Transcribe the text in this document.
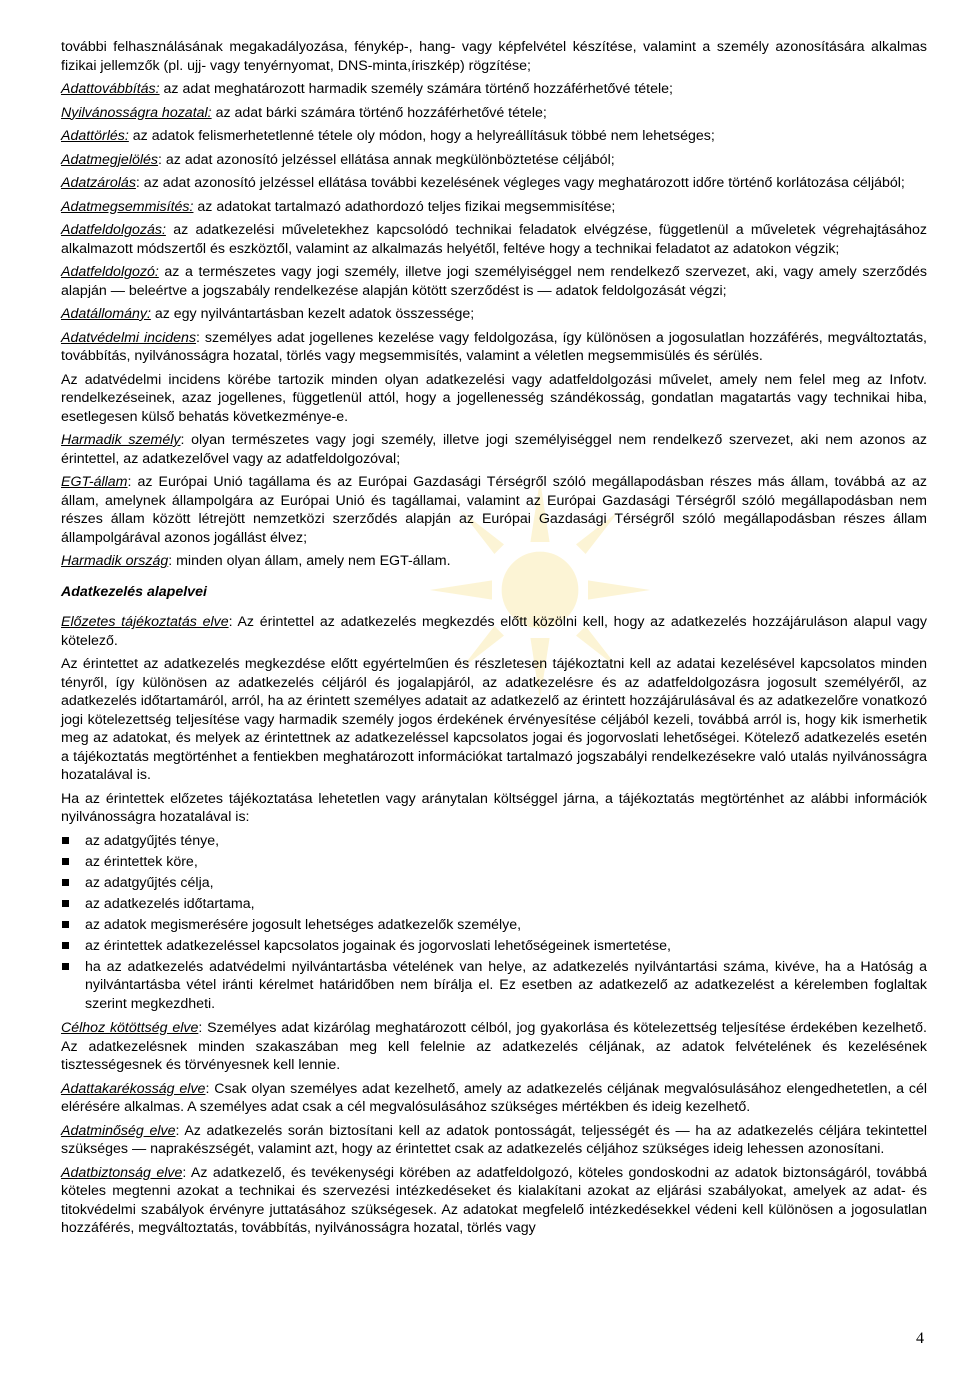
további felhasználásának megakadályozása, fénykép-, hang- vagy képfelvétel készítése, valamint a személy azonosítására alkalmas fizikai jellemzők (pl. ujj- vagy tenyérnyomat, DNS-minta,íriszkép) rögzítése;

Adattovábbítás: az adat meghatározott harmadik személy számára történő hozzáférhetővé tétele;

Nyilvánosságra hozatal: az adat bárki számára történő hozzáférhetővé tétele;

Adattörlés: az adatok felismerhetetlenné tétele oly módon, hogy a helyreállításuk többé nem lehetséges;

Adatmegjelölés: az adat azonosító jelzéssel ellátása annak megkülönböztetése céljából;

Adatzárolás: az adat azonosító jelzéssel ellátása további kezelésének végleges vagy meghatározott időre történő korlátozása céljából;

Adatmegsemmisítés: az adatokat tartalmazó adathordozó teljes fizikai megsemmisítése;

Adatfeldolgozás: az adatkezelési műveletekhez kapcsolódó technikai feladatok elvégzése, függetlenül a műveletek végrehajtásához alkalmazott módszertől és eszköztől, valamint az alkalmazás helyétől, feltéve hogy a technikai feladatot az adatokon végzik;

Adatfeldolgozó: az a természetes vagy jogi személy, illetve jogi személyiséggel nem rendelkező szervezet, aki, vagy amely szerződés alapján — beleértve a jogszabály rendelkezése alapján kötött szerződést is — adatok feldolgozását végzi;

Adatállomány: az egy nyilvántartásban kezelt adatok összessége;

Adatvédelmi incidens: személyes adat jogellenes kezelése vagy feldolgozása, így különösen a jogosulatlan hozzáférés, megváltoztatás, továbbítás, nyilvánosságra hozatal, törlés vagy megsemmisítés, valamint a véletlen megsemmisülés és sérülés.

Az adatvédelmi incidens körébe tartozik minden olyan adatkezelési vagy adatfeldolgozási művelet, amely nem felel meg az Infotv. rendelkezéseinek, azaz jogellenes, függetlenül attól, hogy a jogellenesség szándékosság, gondatlan magatartás vagy technikai hiba, esetlegesen külső behatás következménye-e.

Harmadik személy: olyan természetes vagy jogi személy, illetve jogi személyiséggel nem rendelkező szervezet, aki nem azonos az érintettel, az adatkezelővel vagy az adatfeldolgozóval;

EGT-állam: az Európai Unió tagállama és az Európai Gazdasági Térségről szóló megállapodásban részes más állam, továbbá az az állam, amelynek állampolgára az Európai Unió és tagállamai, valamint az Európai Gazdasági Térségről szóló megállapodásban nem részes állam között létrejött nemzetközi szerződés alapján az Európai Gazdasági Térségről szóló megállapodásban részes állam állampolgárával azonos jogállást élvez;

Harmadik ország: minden olyan állam, amely nem EGT-állam.

Adatkezelés alapelvei

Előzetes tájékoztatás elve: Az érintettel az adatkezelés megkezdés előtt közölni kell, hogy az adatkezelés hozzájáruláson alapul vagy kötelező.

Az érintettet az adatkezelés megkezdése előtt egyértelműen és részletesen tájékoztatni kell az adatai kezelésével kapcsolatos minden tényről, így különösen az adatkezelés céljáról és jogalapjáról, az adatkezelésre és az adatfeldolgozásra jogosult személyéről, az adatkezelés időtartamáról, arról, ha az érintett személyes adatait az adatkezelő az érintett hozzájárulásával és az adatkezelőre vonatkozó jogi kötelezettség teljesítése vagy harmadik személy jogos érdekének érvényesítése céljából kezeli, továbbá arról is, hogy kik ismerhetik meg az adatokat, és melyek az érintettnek az adatkezeléssel kapcsolatos jogai és jogorvoslati lehetőségei. Kötelező adatkezelés esetén a tájékoztatás megtörténhet a fentiekben meghatározott információkat tartalmazó jogszabályi rendelkezésekre való utalás nyilvánosságra hozatalával is.

Ha az érintettek előzetes tájékoztatása lehetetlen vagy aránytalan költséggel járna, a tájékoztatás megtörténhet az alábbi információk nyilvánosságra hozatalával is:

az adatgyűjtés ténye,
az érintettek köre,
az adatgyűjtés célja,
az adatkezelés időtartama,
az adatok megismerésére jogosult lehetséges adatkezelők személye,
az érintettek adatkezeléssel kapcsolatos jogainak és jogorvoslati lehetőségeinek ismertetése,
ha az adatkezelés adatvédelmi nyilvántartásba vételének van helye, az adatkezelés nyilvántartási száma, kivéve, ha a Hatóság a nyilvántartásba vétel iránti kérelmet határidőben nem bírálja el. Ez esetben az adatkezelő az adatkezelést a kérelemben foglaltak szerint megkezdheti.

Célhoz kötöttség elve: Személyes adat kizárólag meghatározott célból, jog gyakorlása és kötelezettség teljesítése érdekében kezelhető. Az adatkezelésnek minden szakaszában meg kell felelnie az adatkezelés céljának, az adatok felvételének és kezelésének tisztességesnek és törvényesnek kell lennie.

Adattakarékosság elve: Csak olyan személyes adat kezelhető, amely az adatkezelés céljának megvalósulásához elengedhetetlen, a cél elérésére alkalmas. A személyes adat csak a cél megvalósulásához szükséges mértékben és ideig kezelhető.

Adatminőség elve: Az adatkezelés során biztosítani kell az adatok pontosságát, teljességét és — ha az adatkezelés céljára tekintettel szükséges — naprakészségét, valamint azt, hogy az érintettet csak az adatkezelés céljához szükséges ideig lehessen azonosítani.

Adatbiztonság elve: Az adatkezelő, és tevékenységi körében az adatfeldolgozó, köteles gondoskodni az adatok biztonságáról, továbbá köteles megtenni azokat a technikai és szervezési intézkedéseket és kialakítani azokat az eljárási szabályokat, amelyek az adat- és titokvédelmi szabályok érvényre juttatásához szükségesek. Az adatokat megfelelő intézkedésekkel védeni kell különösen a jogosulatlan hozzáférés, megváltoztatás, továbbítás, nyilvánosságra hozatal, törlés vagy

4
